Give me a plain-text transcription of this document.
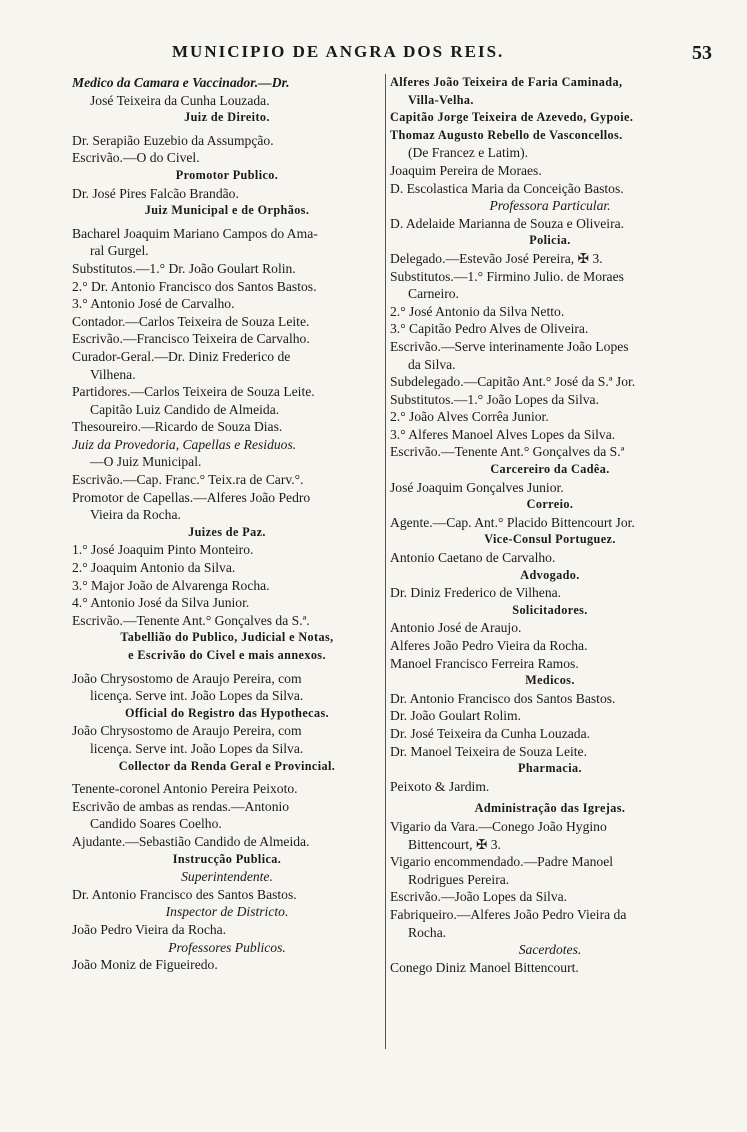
MUNICIPIO DE ANGRA DOS REIS.	53
Medico da Camara e Vaccinador.—Dr.
José Teixeira da Cunha Louzada.
Juiz de Direito.
Dr. Serapião Euzebio da Assumpção.
Escrivão.—O do Civel.
Promotor Publico.
Dr. José Pires Falcão Brandão.
Juiz Municipal e de Orphãos.
Bacharel Joaquim Mariano Campos do Ama-
ral Gurgel.
Substitutos.—1.° Dr. João Goulart Rolin.
2.° Dr. Antonio Francisco dos Santos Bastos.
3.° Antonio José de Carvalho.
Contador.—Carlos Teixeira de Souza Leite.
Escrivão.—Francisco Teixeira de Carvalho.
Curador-Geral.—Dr. Diniz Frederico de
Vilhena.
Partidores.—Carlos Teixeira de Souza Leite.
Capitão Luiz Candido de Almeida.
Thesoureiro.—Ricardo de Souza Dias.
Juiz da Provedoria, Capellas e Residuos.
—O Juiz Municipal.
Escrivão.—Cap. Franc.° Teix.ra de Carv.°.
Promotor de Capellas.—Alferes João Pedro
Vieira da Rocha.
Juizes de Paz.
1.° José Joaquim Pinto Monteiro.
2.° Joaquim Antonio da Silva.
3.° Major João de Alvarenga Rocha.
4.° Antonio José da Silva Junior.
Escrivão.—Tenente Ant.° Gonçalves da S.ª.
Tabellião do Publico, Judicial e Notas,
e Escrivão do Civel e mais annexos.
João Chrysostomo de Araujo Pereira, com
licença. Serve int. João Lopes da Silva.
Official do Registro das Hypothecas.
João Chrysostomo de Araujo Pereira, com
licença. Serve int. João Lopes da Silva.
Collector da Renda Geral e Provincial.
Tenente-coronel Antonio Pereira Peixoto.
Escrivão de ambas as rendas.—Antonio
Candido Soares Coelho.
Ajudante.—Sebastião Candido de Almeida.
Instrucção Publica.
Superintendente.
Dr. Antonio Francisco des Santos Bastos.
Inspector de Districto.
João Pedro Vieira da Rocha.
Professores Publicos.
João Moniz de Figueiredo.
Alferes João Teixeira de Faria Caminada,
Villa-Velha.
Capitão Jorge Teixeira de Azevedo, Gypoie.
Thomaz Augusto Rebello de Vasconcellos.
(De Francez e Latim).
Joaquim Pereira de Moraes.
D. Escolastica Maria da Conceição Bastos.
Professora Particular.
D. Adelaide Marianna de Souza e Oliveira.
Policia.
Delegado.—Estevão José Pereira, ✠ 3.
Substitutos.—1.° Firmino Julio. de Moraes
Carneiro.
2.° José Antonio da Silva Netto.
3.° Capitão Pedro Alves de Oliveira.
Escrivão.—Serve interinamente João Lopes
da Silva.
Subdelegado.—Capitão Ant.° José da S.ª Jor.
Substitutos.—1.° João Lopes da Silva.
2.° João Alves Corrêa Junior.
3.° Alferes Manoel Alves Lopes da Silva.
Escrivão.—Tenente Ant.° Gonçalves da S.ª
Carcereiro da Cadêa.
José Joaquim Gonçalves Junior.
Correio.
Agente.—Cap. Ant.° Placido Bittencourt Jor.
Vice-Consul Portuguez.
Antonio Caetano de Carvalho.
Advogado.
Dr. Diniz Frederico de Vilhena.
Solicitadores.
Antonio José de Araujo.
Alferes João Pedro Vieira da Rocha.
Manoel Francisco Ferreira Ramos.
Medicos.
Dr. Antonio Francisco dos Santos Bastos.
Dr. João Goulart Rolim.
Dr. José Teixeira da Cunha Louzada.
Dr. Manoel Teixeira de Souza Leite.
Pharmacia.
Peixoto & Jardim.
Administração das Igrejas.
Vigario da Vara.—Conego João Hygino
Bittencourt, ✠ 3.
Vigario encommendado.—Padre Manoel
Rodrigues Pereira.
Escrivão.—João Lopes da Silva.
Fabriqueiro.—Alferes João Pedro Vieira da
Rocha.
Sacerdotes.
Conego Diniz Manoel Bittencourt.
